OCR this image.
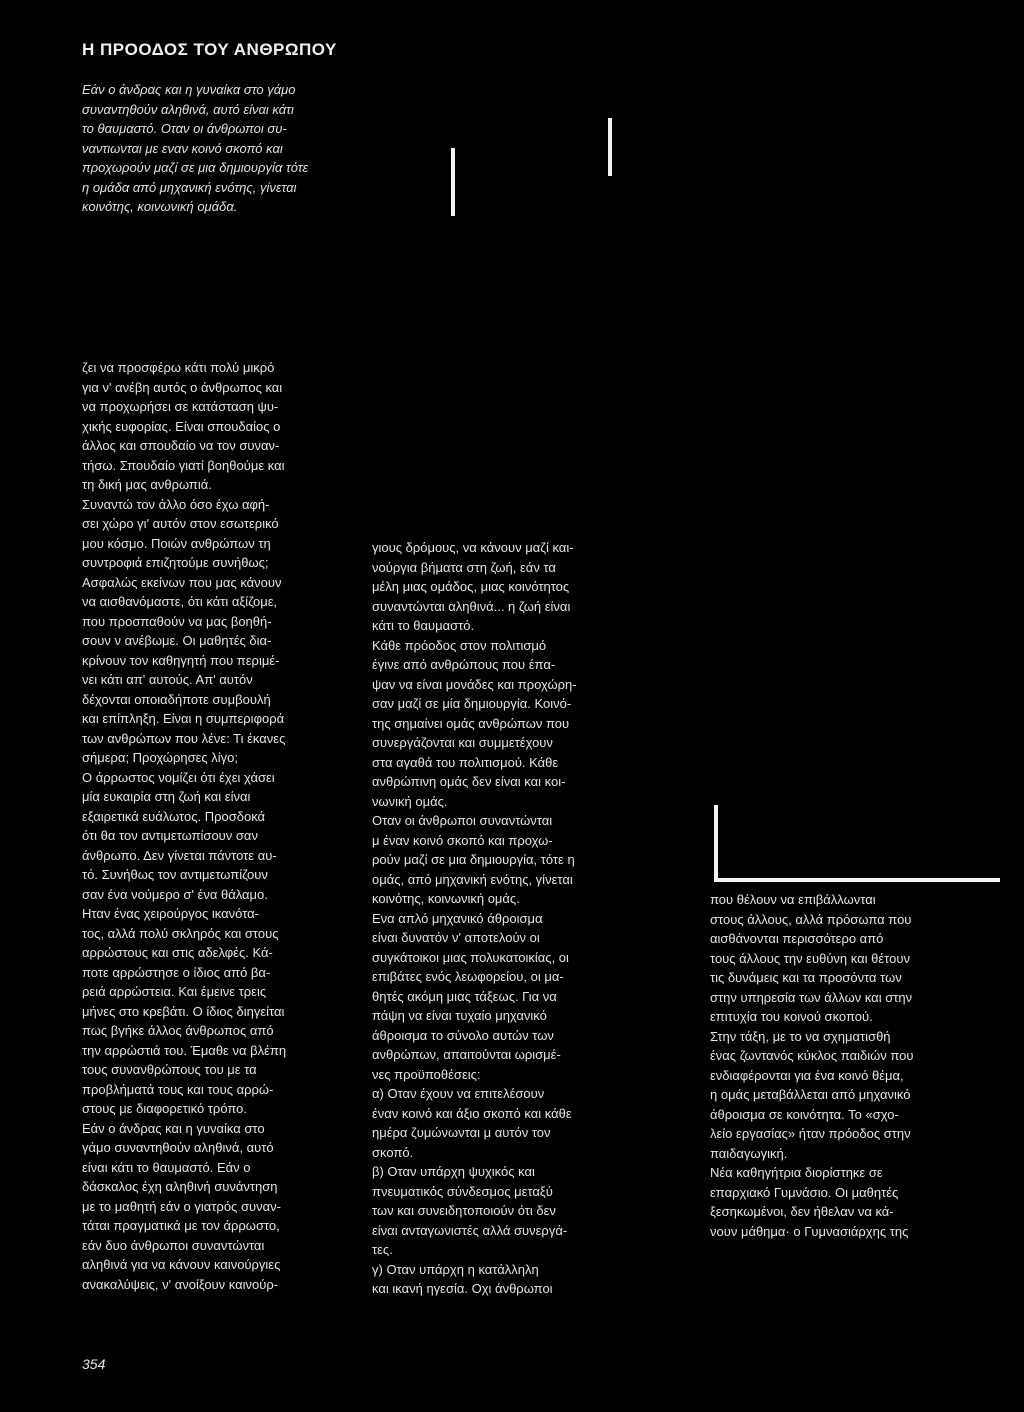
Η ΠΡΟΟΔΟΣ ΤΟΥ ΑΝΘΡΩΠΟΥ
Εάν ο άνδρας και η γυναίκα στο γάμο
συναντηθούν αληθινά, αυτό είναι κάτι
το θαυμαστό. Οταν οι άνθρωποι συ-
ναντιωνται με εναν κοινό σκοπό και
προχωρούν μαζί σε μια δημιουργία τότε
η ομάδα από μηχανική ενότης, γίνεται
κοινότης, κοινωνική ομάδα.
ζει να προσφέρω κάτι πολύ μικρό
για ν' ανέβη αυτός ο άνθρωπος και
να προχωρήσει σε κατάσταση ψυ-
χικής ευφορίας. Είναι σπουδαίος ο
άλλος και σπουδαίο να τον συναν-
τήσω. Σπουδαίο γιατί βοηθούμε και
τη δική μας ανθρωπιά.
Συναντώ τον άλλο όσο έχω αφή-
σει χώρο γι' αυτόν στον εσωτερικό
μου κόσμο. Ποιών ανθρώπων τη
συντροφιά επιζητούμε συνήθως;
Ασφαλώς εκείνων που μας κάνουν
να αισθανόμαστε, ότι κάτι αξίζομε,
που προσπαθούν να μας βοηθή-
σουν ν ανέβωμε. Οι μαθητές δια-
κρίνουν τον καθηγητή που περιμέ-
νει κάτι απ' αυτούς. Απ' αυτόν
δέχονται οποιαδήποτε συμβουλή
και επίπληξη. Είναι η συμπεριφορά
των ανθρώπων που λένε: Τι έκανες
σήμερα; Προχώρησες λίγο;
Ο άρρωστος νομίζει ότι έχει χάσει
μία ευκαιρία στη ζωή και είναι
εξαιρετικά ευάλωτος. Προσδοκά
ότι θα τον αντιμετωπίσουν σαν
άνθρωπο. Δεν γίνεται πάντοτε αυ-
τό. Συνήθως τον αντιμετωπίζουν
σαν ένα νούμερο σ' ένα θάλαμο.
Ηταν ένας χειρούργος ικανότα-
τος, αλλά πολύ σκληρός και στους
αρρώστους και στις αδελφές. Κά-
ποτε αρρώστησε ο ίδιος από βα-
ρειά αρρώστεια. Και έμεινε τρεις
μήνες στο κρεβάτι. Ο ίδιος διηγείται
πως βγήκε άλλος άνθρωπος από
την αρρώστιά του. Έμαθε να βλέπη
τους συνανθρώπους του με τα
προβλήματά τους και τους αρρώ-
στους με διαφορετικό τρόπο.
Εάν ο άνδρας και η γυναίκα στο
γάμο συναντηθούν αληθινά, αυτό
είναι κάτι το θαυμαστό. Εάν ο
δάσκαλος έχη αληθινή συνάντηση
με το μαθητή εάν ο γιατρός συναν-
τάται πραγματικά με τον άρρωστο,
εάν δυο άνθρωποι συναντώνται
αληθινά για να κάνουν καινούργιες
ανακαλύψεις, ν' ανοίξουν καινούρ-
γιους δρόμους, να κάνουν μαζί και-
νούργια βήματα στη ζωή, εάν τα
μέλη μιας ομάδος, μιας κοινότητος
συναντώνται αληθινά... η ζωή είναι
κάτι το θαυμαστό.
Κάθε πρόοδος στον πολιτισμό
έγινε από ανθρώπους που έπα-
ψαν να είναι μονάδες και προχώρη-
σαν μαζί σε μία δημιουργία. Κοινό-
της σημαίνει ομάς ανθρώπων που
συνεργάζονται και συμμετέχουν
στα αγαθά του πολιτισμού. Κάθε
ανθρώπινη ομάς δεν είναι και κοι-
νωνική ομάς.
Οταν οι άνθρωποι συναντώνται
μ έναν κοινό σκοπό και προχω-
ρούν μαζί σε μια δημιουργία, τότε η
ομάς, από μηχανική ενότης, γίνεται
κοινότης, κοινωνική ομάς.
Ενα απλό μηχανικό άθροισμα
είναι δυνατόν ν' αποτελούν οι
συγκάτοικοι μιας πολυκατοικίας, οι
επιβάτες ενός λεωφορείου, οι μα-
θητές ακόμη μιας τάξεως. Για να
πάψη να είναι τυχαίο μηχανικό
άθροισμα το σύνολο αυτών των
ανθρώπων, απαιτούνται ωρισμέ-
νες προϋποθέσεις:
α) Οταν έχουν να επιτελέσουν
έναν κοινό και άξιο σκοπό και κάθε
ημέρα ζυμώνωνται μ αυτόν τον
σκοπό.
β) Οταν υπάρχη ψυχικός και
πνευματικός σύνδεσμος μεταξύ
των και συνειδητοποιούν ότι δεν
είναι ανταγωνιστές αλλά συνεργά-
τες.
γ) Οταν υπάρχη η κατάλληλη
και ικανή ηγεσία. Οχι άνθρωποι
που θέλουν να επιβάλλωνται
στους άλλους, αλλά πρόσωπα που
αισθάνονται περισσότερο από
τους άλλους την ευθύνη και θέτουν
τις δυνάμεις και τα προσόντα των
στην υπηρεσία των άλλων και στην
επιτυχία του κοινού σκοπού.
Στην τάξη, με το να σχηματισθή
ένας ζωντανός κύκλος παιδιών που
ενδιαφέρονται για ένα κοινό θέμα,
η ομάς μεταβάλλεται από μηχανικό
άθροισμα σε κοινότητα. Το «σχο-
λείο εργασίας» ήταν πρόοδος στην
παιδαγωγική.
Νέα καθηγήτρια διορίστηκε σε
επαρχιακό Γυμνάσιο. Οι μαθητές
ξεσηκωμένοι, δεν ήθελαν να κά-
νουν μάθημα· ο Γυμνασιάρχης της
354
